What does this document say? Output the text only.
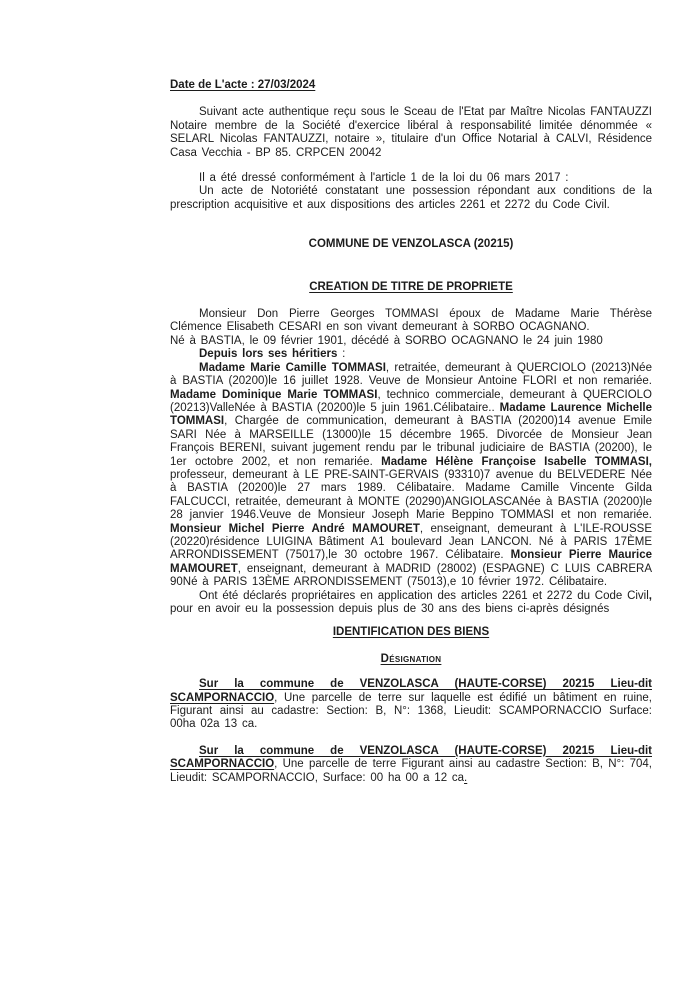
Date de L'acte : 27/03/2024

Suivant acte authentique reçu sous le Sceau de l'Etat par Maître Nicolas FANTAUZZI Notaire membre de la Société d'exercice libéral à responsabilité limitée dénommée « SELARL Nicolas FANTAUZZI, notaire », titulaire d'un Office Notarial à CALVI, Résidence Casa Vecchia - BP 85. CRPCEN 20042

Il a été dressé conformément à l'article 1 de la loi du 06 mars 2017 :

Un acte de Notoriété constatant une possession répondant aux conditions de la prescription acquisitive et aux dispositions des articles 2261 et 2272 du Code Civil.

COMMUNE DE VENZOLASCA (20215)

CREATION DE TITRE DE PROPRIETE

Monsieur Don Pierre Georges TOMMASI époux de Madame Marie Thérèse Clémence Elisabeth CESARI en son vivant demeurant à SORBO OCAGNANO.

Né à BASTIA, le 09 février 1901, décédé à SORBO OCAGNANO le 24 juin 1980

Depuis lors ses héritiers :

Madame Marie Camille TOMMASI, retraitée, demeurant à QUERCIOLO (20213)Née à BASTIA (20200)le 16 juillet 1928. Veuve de Monsieur Antoine FLORI et non remariée. Madame Dominique Marie TOMMASI, technico commerciale, demeurant à QUERCIOLO (20213)ValleNée à BASTIA (20200)le 5 juin 1961.Célibataire.. Madame Laurence Michelle TOMMASI, Chargée de communication, demeurant à BASTIA (20200)14 avenue Emile SARI Née à MARSEILLE (13000)le 15 décembre 1965. Divorcée de Monsieur Jean François BERENI, suivant jugement rendu par le tribunal judiciaire de BASTIA (20200), le 1er octobre 2002, et non remariée. Madame Hélène Françoise Isabelle TOMMASI, professeur, demeurant à LE PRE-SAINT-GERVAIS (93310)7 avenue du BELVEDERE Née à BASTIA (20200)le 27 mars 1989. Célibataire. Madame Camille Vincente Gilda FALCUCCI, retraitée, demeurant à MONTE (20290)ANGIOLASCANée à BASTIA (20200)le 28 janvier 1946.Veuve de Monsieur Joseph Marie Beppino TOMMASI et non remariée. Monsieur Michel Pierre André MAMOURET, enseignant, demeurant à L'ILE-ROUSSE (20220)résidence LUIGINA Bâtiment A1 boulevard Jean LANCON. Né à PARIS 17ÈME ARRONDISSEMENT (75017),le 30 octobre 1967. Célibataire. Monsieur Pierre Maurice MAMOURET, enseignant, demeurant à MADRID (28002) (ESPAGNE) C LUIS CABRERA 90Né à PARIS 13ÈME ARRONDISSEMENT (75013),e 10 février 1972. Célibataire.

Ont été déclarés propriétaires en application des articles 2261 et 2272 du Code Civil, pour en avoir eu la possession depuis plus de 30 ans des biens ci-après désignés

IDENTIFICATION DES BIENS

Désignation

Sur la commune de VENZOLASCA (HAUTE-CORSE) 20215 Lieu-dit SCAMPORNACCIO, Une parcelle de terre sur laquelle est édifié un bâtiment en ruine, Figurant ainsi au cadastre: Section: B, N°: 1368, Lieudit: SCAMPORNACCIO Surface: 00ha 02a 13 ca.

Sur la commune de VENZOLASCA (HAUTE-CORSE) 20215 Lieu-dit SCAMPORNACCIO, Une parcelle de terre Figurant ainsi au cadastre Section: B, N°: 704, Lieudit: SCAMPORNACCIO, Surface: 00 ha 00 a 12 ca.
